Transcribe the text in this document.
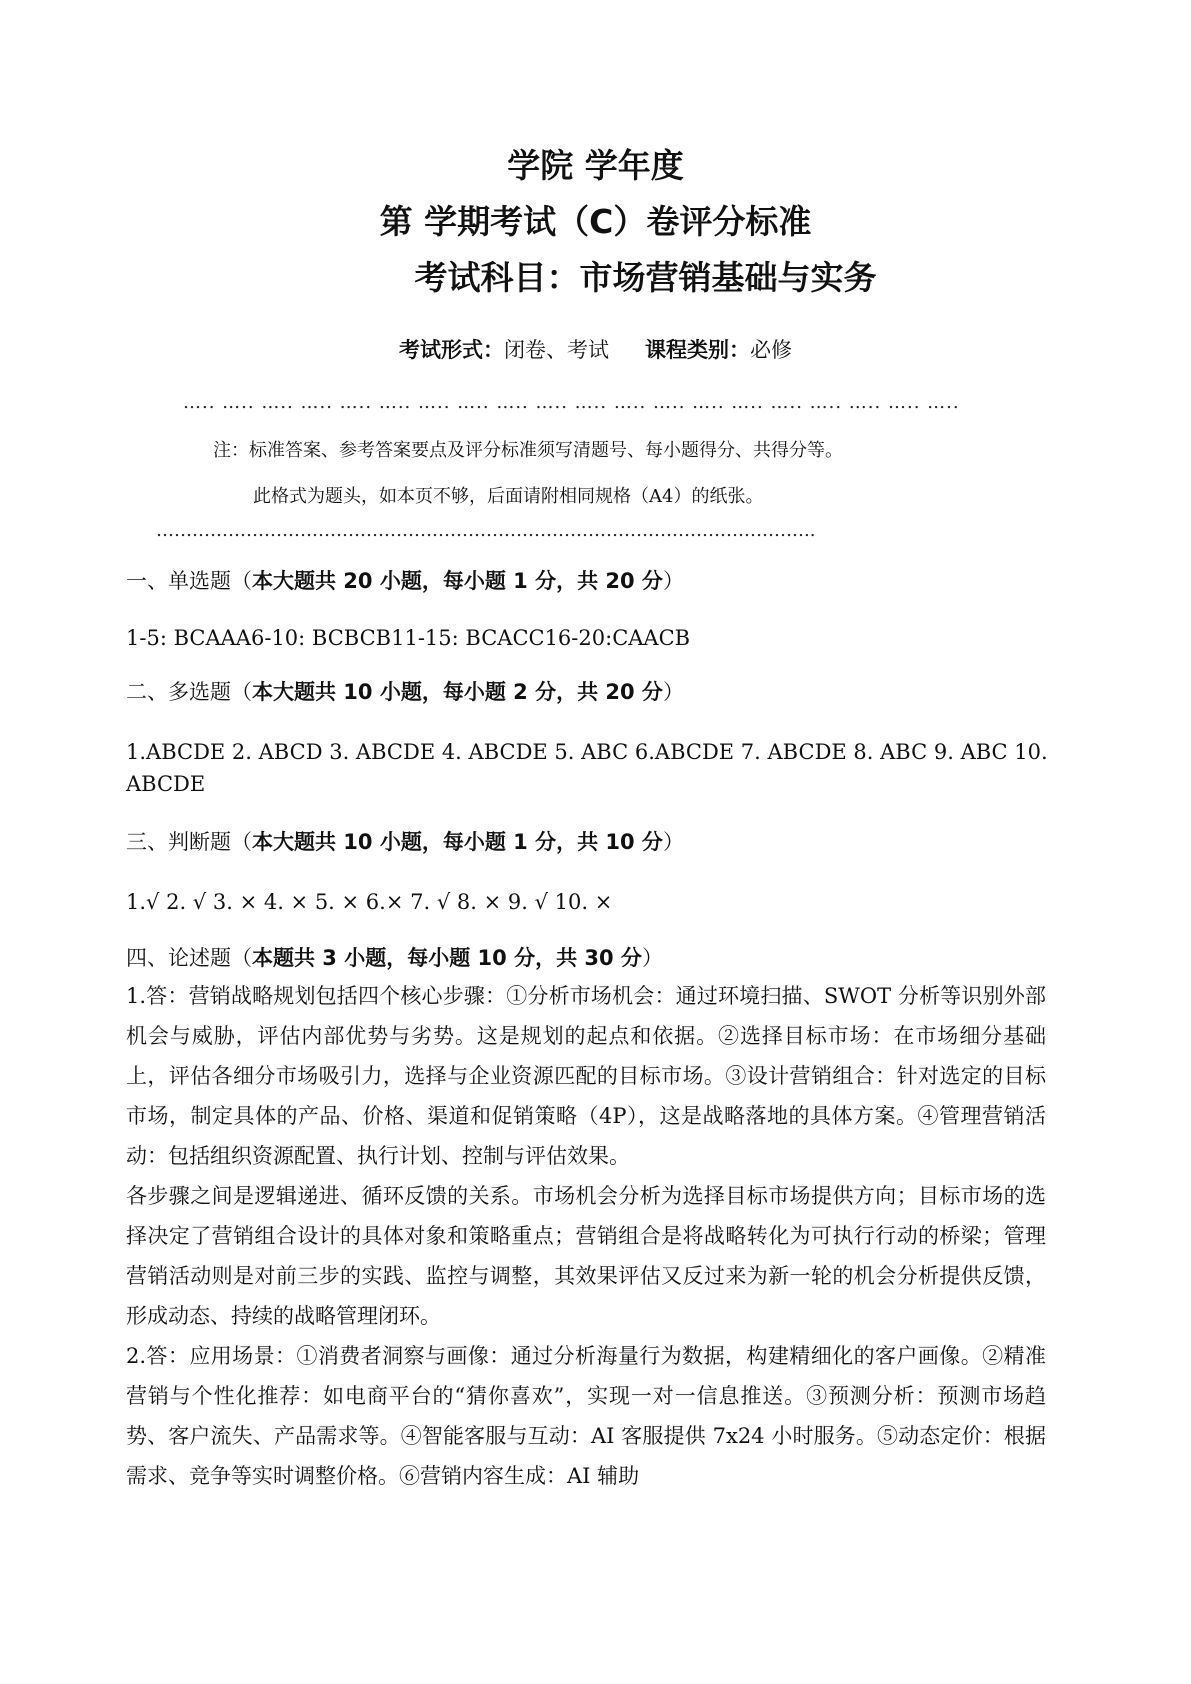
学院 学年度
第 学期考试（C）卷评分标准
考试科目：市场营销基础与实务
考试形式：闭卷、考试 课程类别：必修
….. ….. ….. ….. ….. ….. ….. ….. ….. ….. ….. ….. ….. ….. ….. ….. ….. ….. ….. …..
注：标准答案、参考答案要点及评分标准须写清题号、每小题得分、共得分等。
此格式为题头，如本页不够，后面请附相同规格（A4）的纸张。
………………………………………………………………………………………………..
一、单选题（本大题共 20 小题，每小题 1 分，共 20 分）
1-5: BCAAA6-10: BCBCB11-15: BCACC16-20:CAACB
二、多选题（本大题共 10 小题，每小题 2 分，共 20 分）
1.ABCDE 2. ABCD 3. ABCDE 4. ABCDE 5. ABC 6.ABCDE 7. ABCDE 8. ABC 9. ABC 10.
ABCDE
三、判断题（本大题共 10 小题，每小题 1 分，共 10 分）
1.√ 2. √ 3. × 4. × 5. × 6.× 7. √ 8. × 9. √ 10. ×
四、论述题（本题共 3 小题，每小题 10 分，共 30 分）

1.答：营销战略规划包括四个核心步骤：①分析市场机会：通过环境扫描、SWOT 分析等识别外部机会与威胁，评估内部优势与劣势。这是规划的起点和依据。②选择目标市场：在市场细分基础上，评估各细分市场吸引力，选择与企业资源匹配的目标市场。③设计营销组合：针对选定的目标市场，制定具体的产品、价格、渠道和促销策略（4P），这是战略落地的具体方案。④管理营销活动：包括组织资源配置、执行计划、控制与评估效果。

各步骤之间是逻辑递进、循环反馈的关系。市场机会分析为选择目标市场提供方向；目标市场的选择决定了营销组合设计的具体对象和策略重点；营销组合是将战略转化为可执行行动的桥梁；管理营销活动则是对前三步的实践、监控与调整，其效果评估又反过来为新一轮的机会分析提供反馈，形成动态、持续的战略管理闭环。

2.答：应用场景：①消费者洞察与画像：通过分析海量行为数据，构建精细化的客户画像。②精准营销与个性化推荐：如电商平台的“猜你喜欢”，实现一对一信息推送。③预测分析：预测市场趋势、客户流失、产品需求等。④智能客服与互动：AI 客服提供 7x24 小时服务。⑤动态定价：根据需求、竞争等实时调整价格。⑥营销内容生成：AI 辅助
